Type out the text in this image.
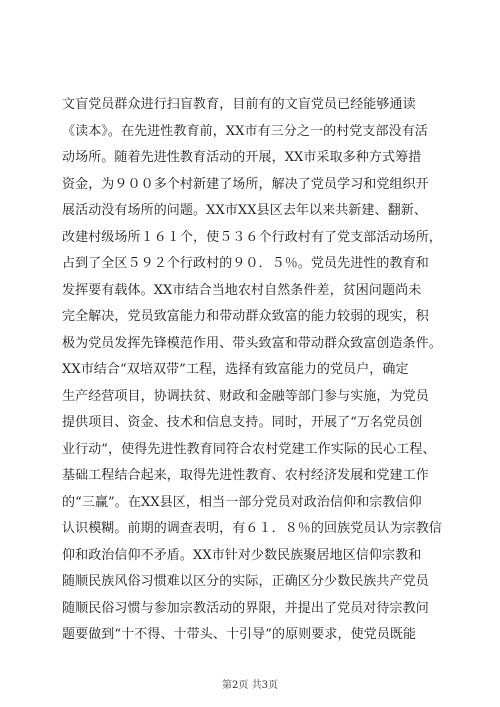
文盲党员群众进行扫盲教育，目前有的文盲党员已经能够通读
《读本》。在先进性教育前，XX市有三分之一的村党支部没有活
动场所。随着先进性教育活动的开展，XX市采取多种方式筹措
资金，为９００多个村新建了场所，解决了党员学习和党组织开
展活动没有场所的问题。XX市XX县区去年以来共新建、翻新、
改建村级场所１６１个，使５３６个行政村有了党支部活动场所，
占到了全区５９２个行政村的９０．５％。党员先进性的教育和
发挥要有载体。XX市结合当地农村自然条件差，贫困问题尚未
完全解决，党员致富能力和带动群众致富的能力较弱的现实，积
极为党员发挥先锋模范作用、带头致富和带动群众致富创造条件。
XX市结合“双培双带”工程，选择有致富能力的党员户，确定
生产经营项目，协调扶贫、财政和金融等部门参与实施，为党员
提供项目、资金、技术和信息支持。同时，开展了“万名党员创
业行动”，使得先进性教育同符合农村党建工作实际的民心工程、
基础工程结合起来，取得先进性教育、农村经济发展和党建工作
的“三赢”。在XX县区，相当一部分党员对政治信仰和宗教信仰
认识模糊。前期的调查表明，有６１．８％的回族党员认为宗教信
仰和政治信仰不矛盾。XX市针对少数民族聚居地区信仰宗教和
随顺民族风俗习惯难以区分的实际，正确区分少数民族共产党员
随顺民俗习惯与参加宗教活动的界限，并提出了党员对待宗教问
题要做到“十不得、十带头、十引导”的原则要求，使党员既能
第2页 共3页
